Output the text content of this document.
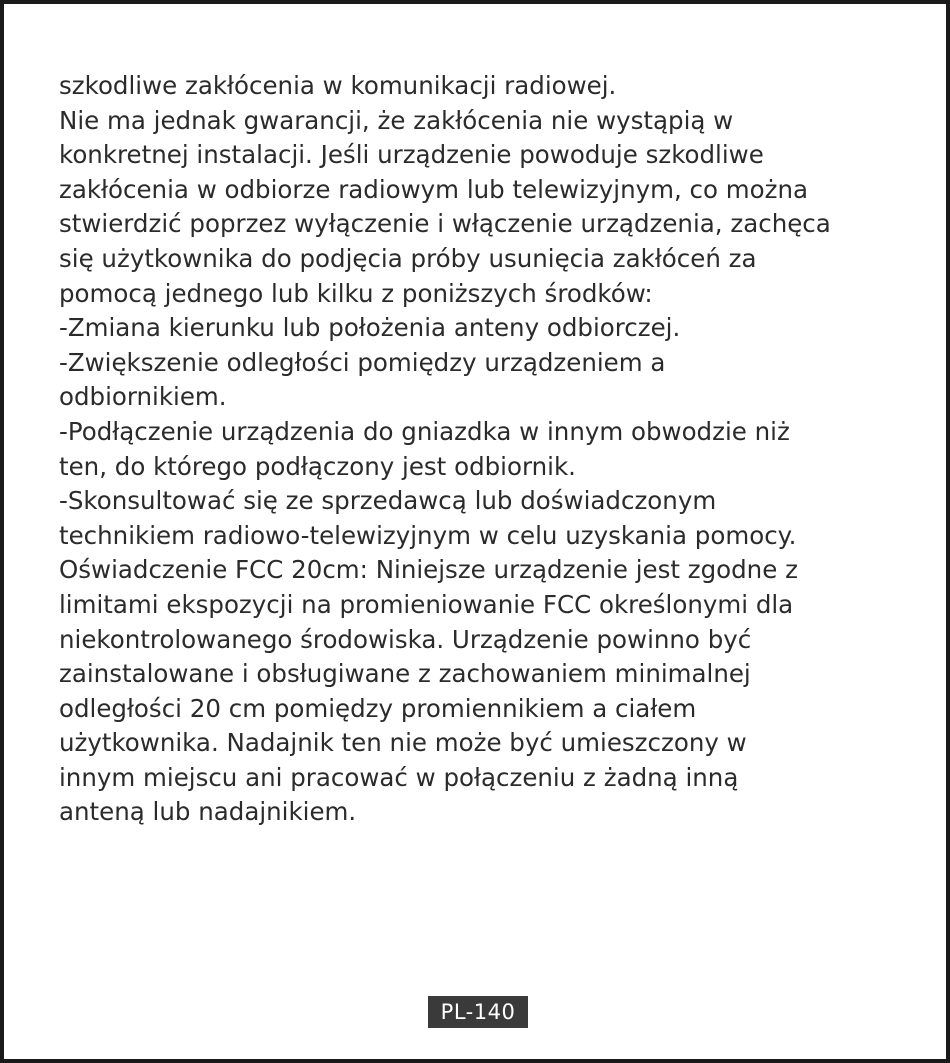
szkodliwe zakłócenia w komunikacji radiowej.
Nie ma jednak gwarancji, że zakłócenia nie wystąpią w
konkretnej instalacji. Jeśli urządzenie powoduje szkodliwe
zakłócenia w odbiorze radiowym lub telewizyjnym, co można
stwierdzić poprzez wyłączenie i włączenie urządzenia, zachęca
się użytkownika do podjęcia próby usunięcia zakłóceń za
pomocą jednego lub kilku z poniższych środków:
-Zmiana kierunku lub położenia anteny odbiorczej.
-Zwiększenie odległości pomiędzy urządzeniem a
odbiornikiem.
-Podłączenie urządzenia do gniazdka w innym obwodzie niż
ten, do którego podłączony jest odbiornik.
-Skonsultować się ze sprzedawcą lub doświadczonym
technikiem radiowo-telewizyjnym w celu uzyskania pomocy.
Oświadczenie FCC 20cm: Niniejsze urządzenie jest zgodne z
limitami ekspozycji na promieniowanie FCC określonymi dla
niekontrolowanego środowiska. Urządzenie powinno być
zainstalowane i obsługiwane z zachowaniem minimalnej
odległości 20 cm pomiędzy promiennikiem a ciałem
użytkownika. Nadajnik ten nie może być umieszczony w
innym miejscu ani pracować w połączeniu z żadną inną
anteną lub nadajnikiem.
PL-140
